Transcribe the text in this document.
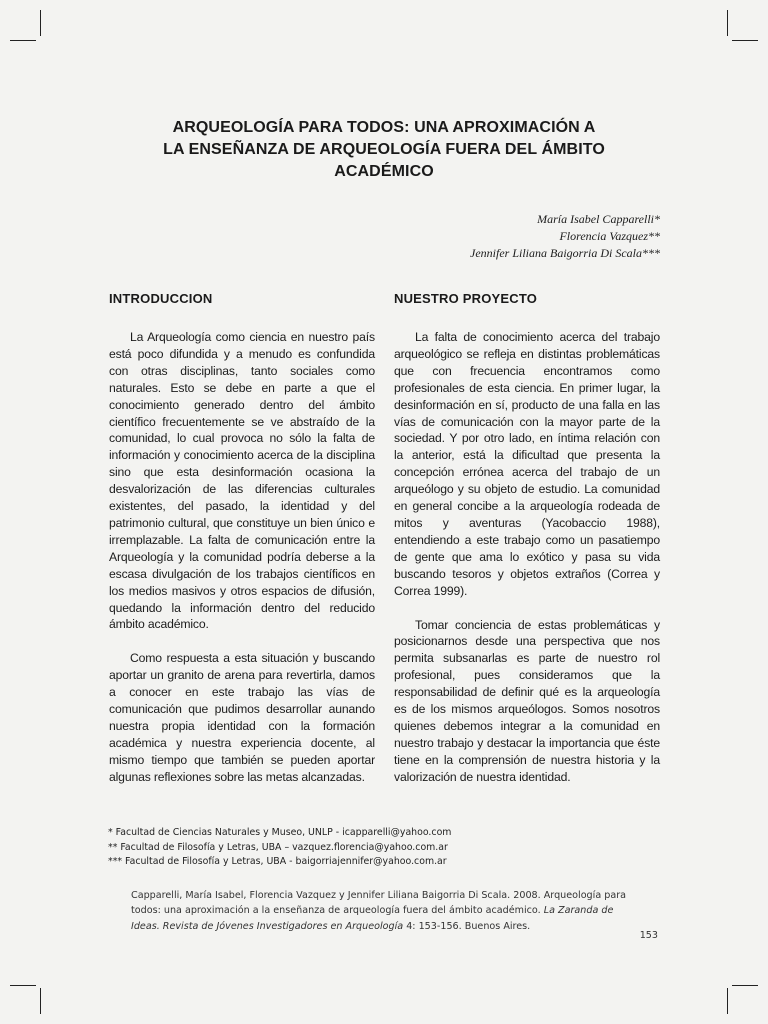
ARQUEOLOGÍA PARA TODOS: UNA APROXIMACIÓN A
LA ENSEÑANZA DE ARQUEOLOGÍA FUERA DEL ÁMBITO
ACADÉMICO
María Isabel Capparelli*
Florencia Vazquez**
Jennifer Liliana Baigorria Di Scala***
INTRODUCCION

La Arqueología como ciencia en nuestro país está poco difundida y a menudo es confundida con otras disciplinas, tanto sociales como naturales. Esto se debe en parte a que el conocimiento generado dentro del ámbito científico frecuentemente se ve abstraído de la comunidad, lo cual provoca no sólo la falta de información y conocimiento acerca de la disciplina sino que esta desinformación ocasiona la desvalorización de las diferencias culturales existentes, del pasado, la identidad y del patrimonio cultural, que constituye un bien único e irremplazable. La falta de comunicación entre la Arqueología y la comunidad podría deberse a la escasa divulgación de los trabajos científicos en los medios masivos y otros espacios de difusión, quedando la información dentro del reducido ámbito académico.

Como respuesta a esta situación y buscando aportar un granito de arena para revertirla, damos a conocer en este trabajo las vías de comunicación que pudimos desarrollar aunando nuestra propia identidad con la formación académica y nuestra experiencia docente, al mismo tiempo que también se pueden aportar algunas reflexiones sobre las metas alcanzadas.

NUESTRO PROYECTO

La falta de conocimiento acerca del trabajo arqueológico se refleja en distintas problemáticas que con frecuencia encontramos como profesionales de esta ciencia. En primer lugar, la desinformación en sí, producto de una falla en las vías de comunicación con la mayor parte de la sociedad. Y por otro lado, en íntima relación con la anterior, está la dificultad que presenta la concepción errónea acerca del trabajo de un arqueólogo y su objeto de estudio. La comunidad en general concibe a la arqueología rodeada de mitos y aventuras (Yacobaccio 1988), entendiendo a este trabajo como un pasatiempo de gente que ama lo exótico y pasa su vida buscando tesoros y objetos extraños (Correa y Correa 1999).

Tomar conciencia de estas problemáticas y posicionarnos desde una perspectiva que nos permita subsanarlas es parte de nuestro rol profesional, pues consideramos que la responsabilidad de definir qué es la arqueología es de los mismos arqueólogos. Somos nosotros quienes debemos integrar a la comunidad en nuestro trabajo y destacar la importancia que éste tiene en la comprensión de nuestra historia y la valorización de nuestra identidad.

* Facultad de Ciencias Naturales y Museo, UNLP - icapparelli@yahoo.com
** Facultad de Filosofía y Letras, UBA – vazquez.florencia@yahoo.com.ar
*** Facultad de Filosofía y Letras, UBA - baigorriajennifer@yahoo.com.ar
Capparelli, María Isabel, Florencia Vazquez y Jennifer Liliana Baigorria Di Scala. 2008. Arqueología para todos: una aproximación a la enseñanza de arqueología fuera del ámbito académico. La Zaranda de Ideas. Revista de Jóvenes Investigadores en Arqueología 4: 153-156. Buenos Aires.
153
